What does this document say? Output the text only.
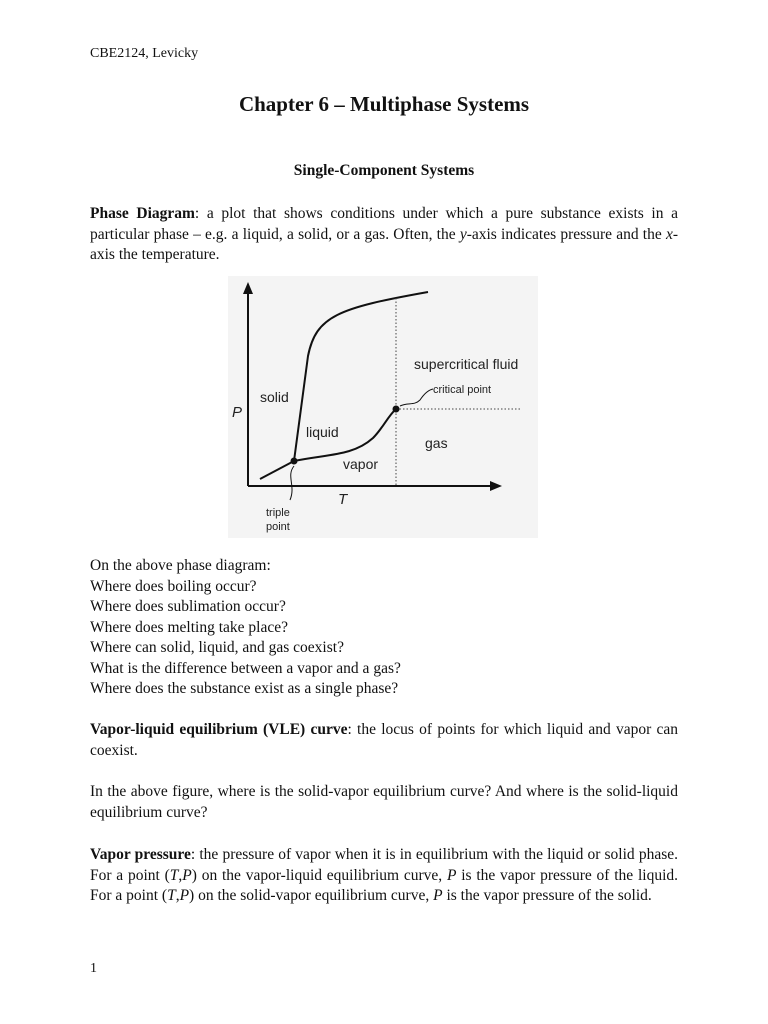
CBE2124, Levicky
Chapter 6 – Multiphase Systems
Single-Component Systems

Phase Diagram: a plot that shows conditions under which a pure substance exists in a particular phase – e.g. a liquid, a solid, or a gas. Often, the y-axis indicates pressure and the x-axis the temperature.

P
T
solid
liquid
vapor
gas
supercritical fluid
critical point
triple
point
On the above phase diagram:
Where does boiling occur?
Where does sublimation occur?
Where does melting take place?
Where can solid, liquid, and gas coexist?
What is the difference between a vapor and a gas?
Where does the substance exist as a single phase?

Vapor-liquid equilibrium (VLE) curve: the locus of points for which liquid and vapor can coexist.

In the above figure, where is the solid-vapor equilibrium curve? And where is the solid-liquid equilibrium curve?

Vapor pressure: the pressure of vapor when it is in equilibrium with the liquid or solid phase. For a point (T,P) on the vapor-liquid equilibrium curve, P is the vapor pressure of the liquid. For a point (T,P) on the solid-vapor equilibrium curve, P is the vapor pressure of the solid.

1
